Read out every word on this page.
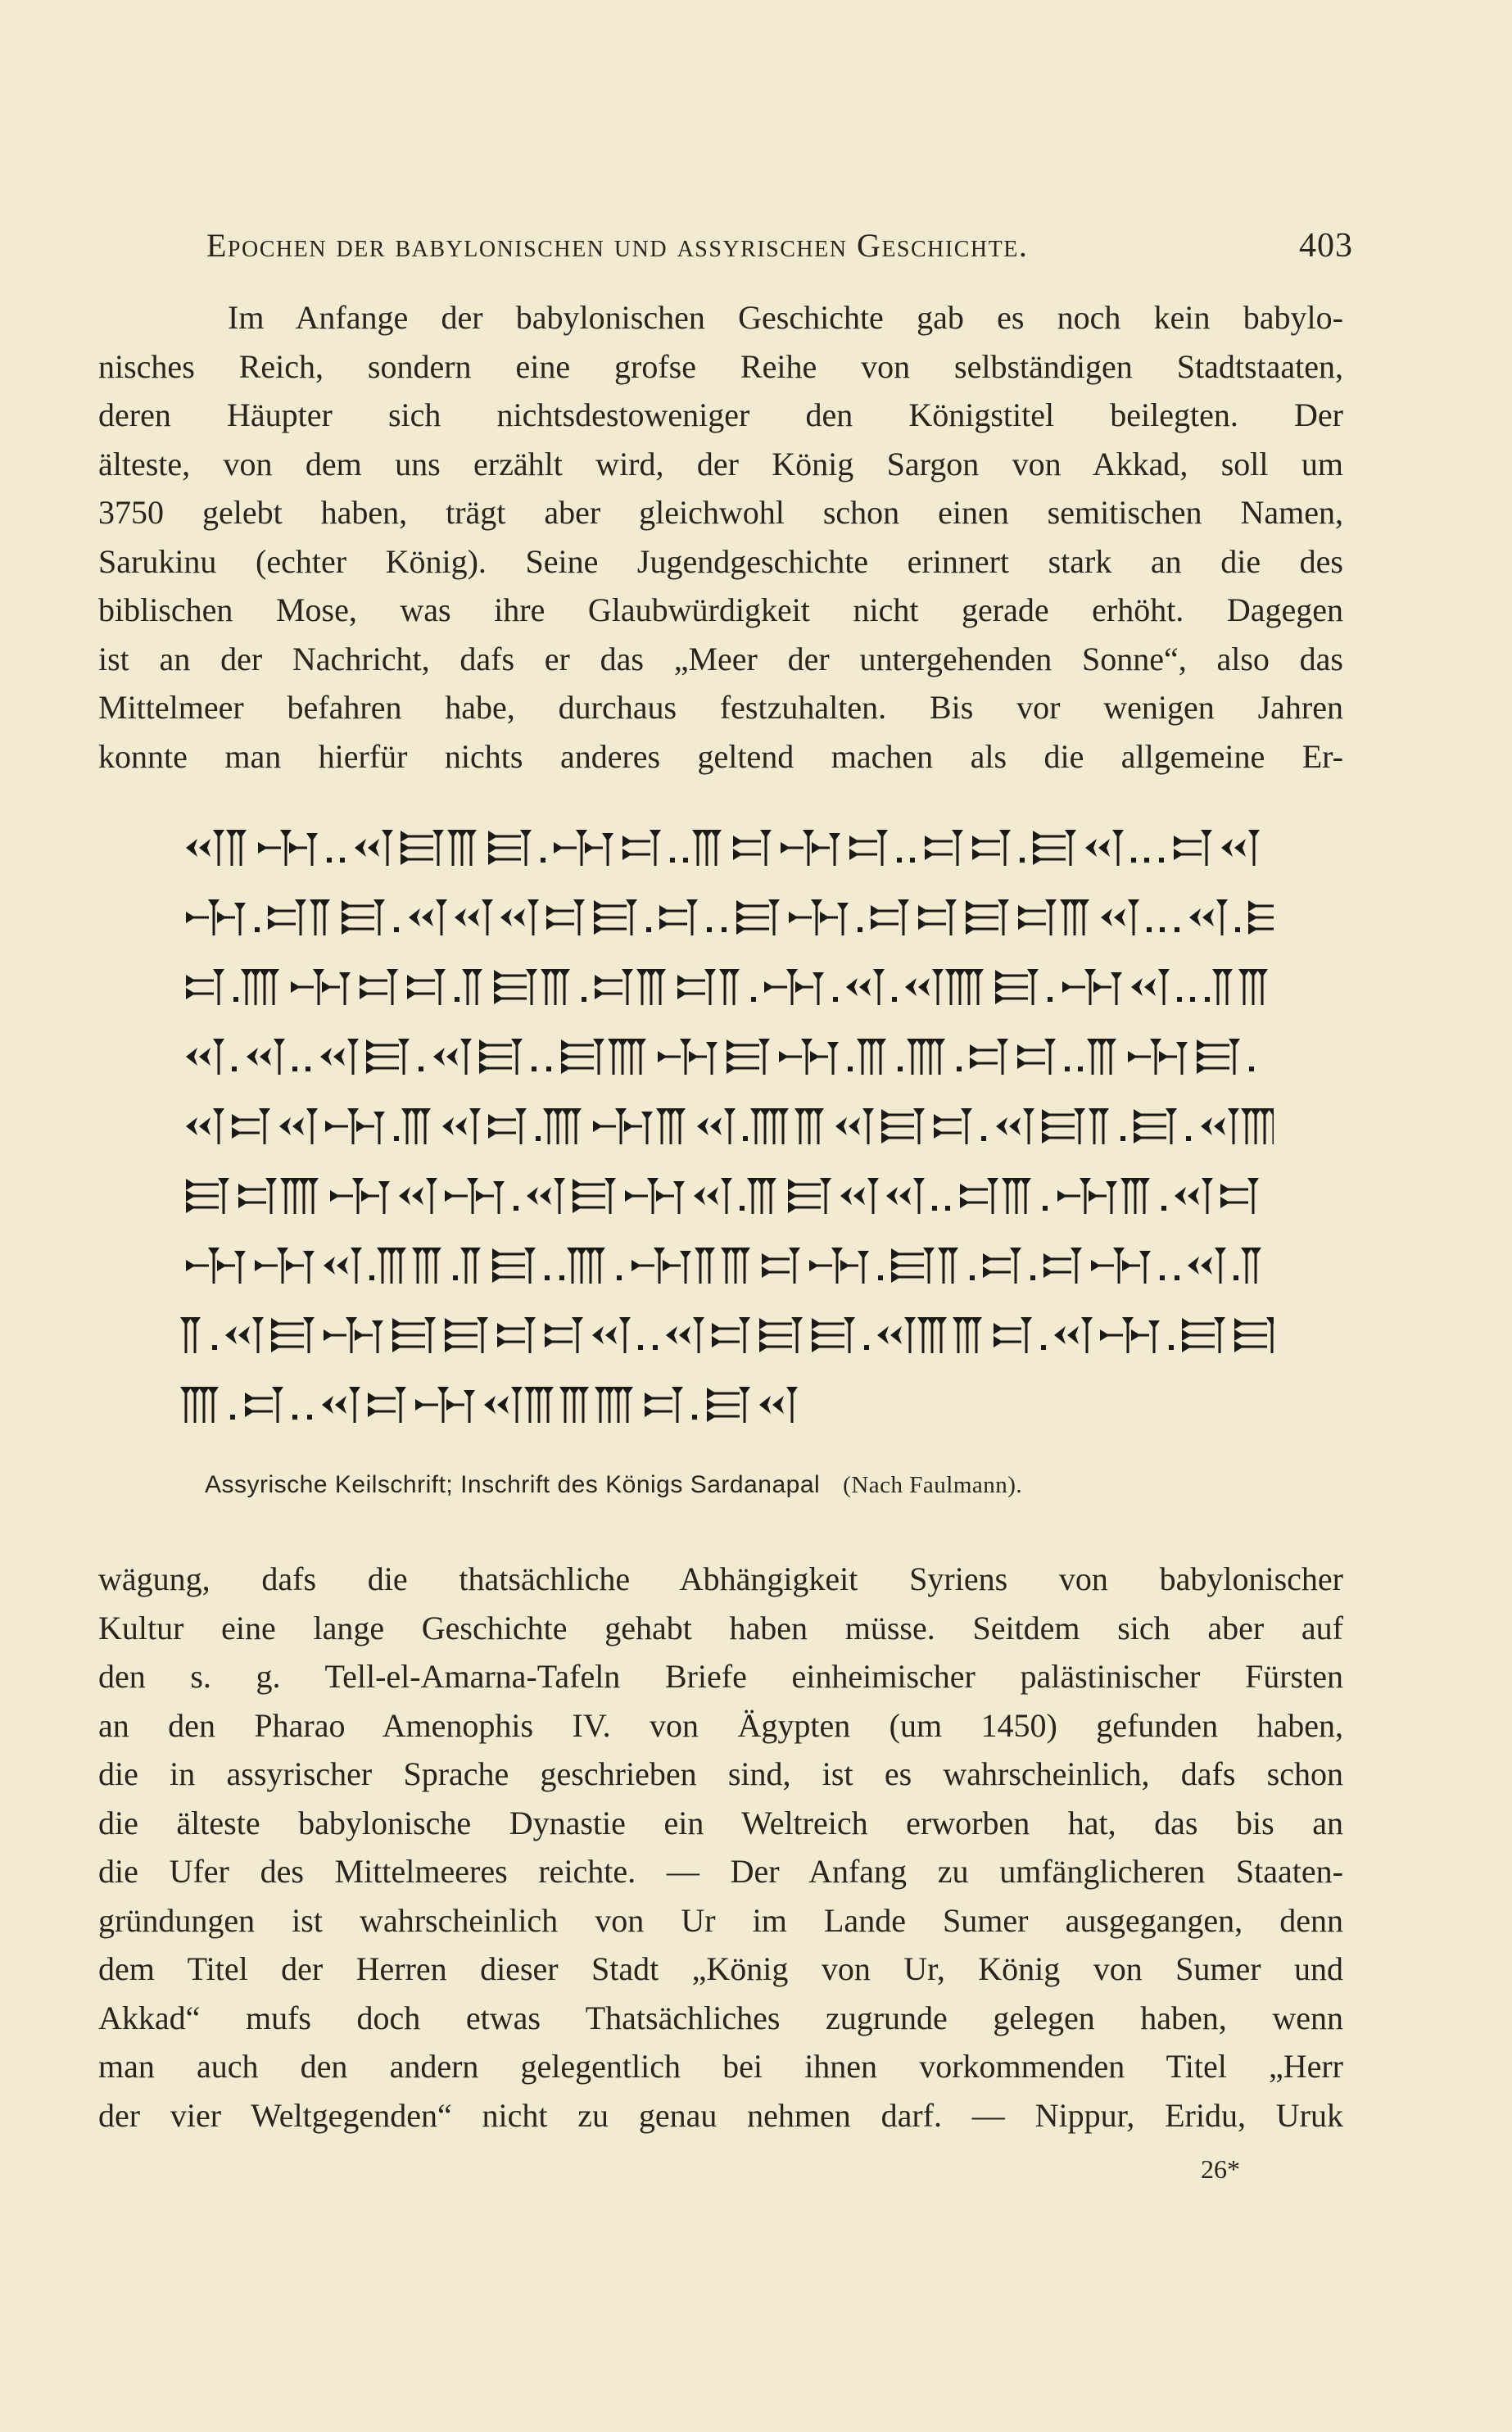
Epochen der babylonischen und assyrischen Geschichte.	403
Im Anfange der babylonischen Geschichte gab es noch kein babylo-
nisches Reich, sondern eine grofse Reihe von selbständigen Stadtstaaten,
deren Häupter sich nichtsdestoweniger den Königstitel beilegten. Der
älteste, von dem uns erzählt wird, der König Sargon von Akkad, soll um
3750 gelebt haben, trägt aber gleichwohl schon einen semitischen Namen,
Sarukinu (echter König). Seine Jugendgeschichte erinnert stark an die des
biblischen Mose, was ihre Glaubwürdigkeit nicht gerade erhöht. Dagegen
ist an der Nachricht, dafs er das „Meer der untergehenden Sonne“, also das
Mittelmeer befahren habe, durchaus festzuhalten. Bis vor wenigen Jahren
konnte man hierfür nichts anderes geltend machen als die allgemeine Er-
Assyrische Keilschrift; Inschrift des Königs Sardanapal (Nach Faulmann).
wägung, dafs die thatsächliche Abhängigkeit Syriens von babylonischer
Kultur eine lange Geschichte gehabt haben müsse. Seitdem sich aber auf
den s. g. Tell-el-Amarna-Tafeln Briefe einheimischer palästinischer Fürsten
an den Pharao Amenophis IV. von Ägypten (um 1450) gefunden haben,
die in assyrischer Sprache geschrieben sind, ist es wahrscheinlich, dafs schon
die älteste babylonische Dynastie ein Weltreich erworben hat, das bis an
die Ufer des Mittelmeeres reichte. — Der Anfang zu umfänglicheren Staaten-
gründungen ist wahrscheinlich von Ur im Lande Sumer ausgegangen, denn
dem Titel der Herren dieser Stadt „König von Ur, König von Sumer und
Akkad“ mufs doch etwas Thatsächliches zugrunde gelegen haben, wenn
man auch den andern gelegentlich bei ihnen vorkommenden Titel „Herr
der vier Weltgegenden“ nicht zu genau nehmen darf. — Nippur, Eridu, Uruk
26*
